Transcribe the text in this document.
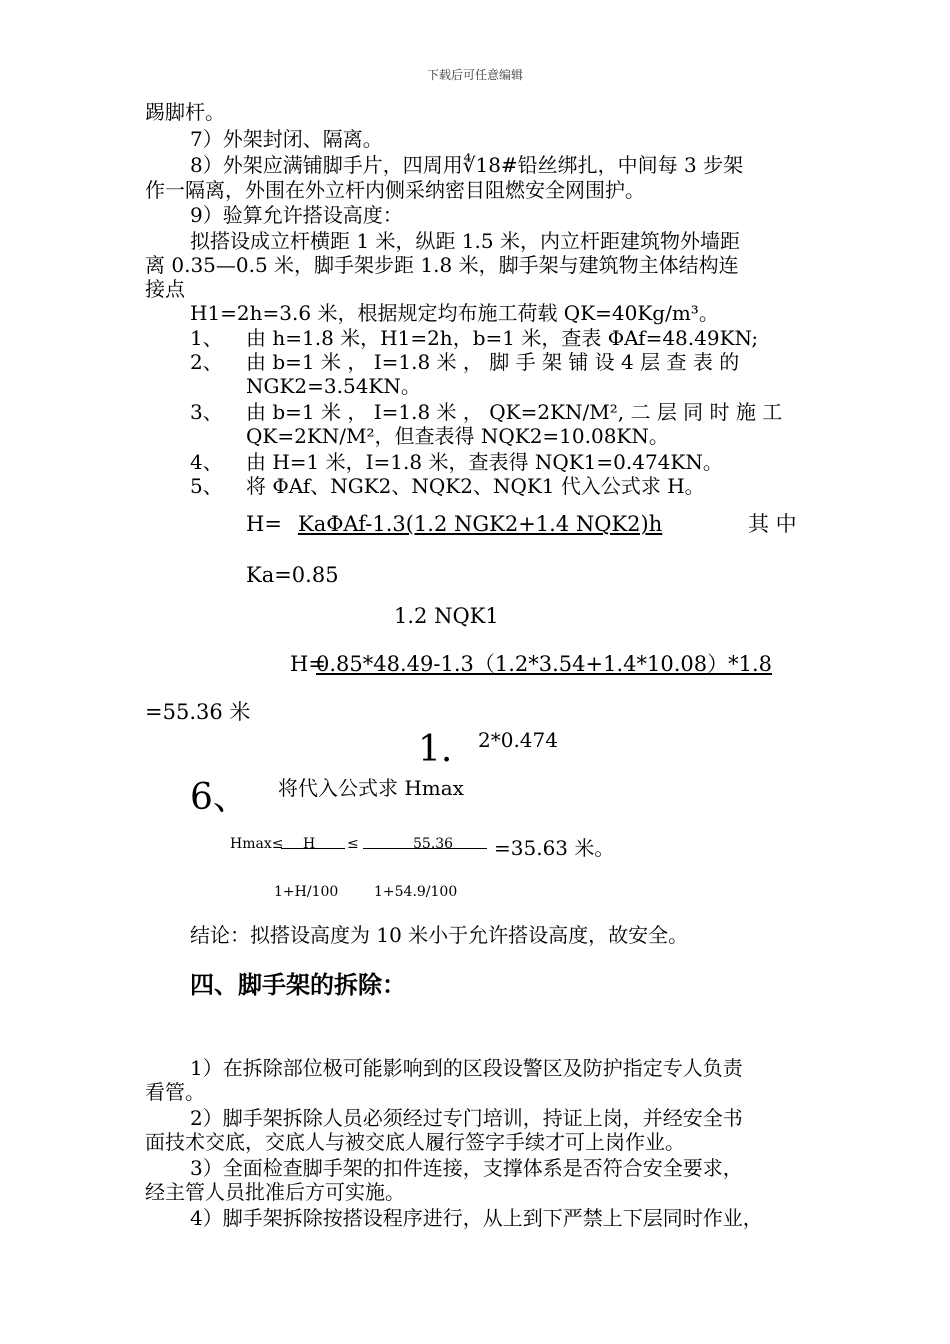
下载后可任意编辑
踢脚杆。
7）外架封闭、隔离。
8）外架应满铺脚手片，四周用∜18#铅丝绑扎，中间每 3 步架
作一隔离，外围在外立杆内侧采纳密目阻燃安全网围护。
9）验算允许搭设高度：
拟搭设成立杆横距 1 米，纵距 1.5 米，内立杆距建筑物外墙距
离 0.35—0.5 米，脚手架步距 1.8 米，脚手架与建筑物主体结构连
接点
H1=2h=3.6 米，根据规定均布施工荷载 QK=40Kg/m³。
1、 由 h=1.8 米，H1=2h，b=1 米，查表 ΦAf=48.49KN;
2、 由 b=1 米 ， I=1.8 米 ， 脚 手 架 铺 设 4 层 查 表 的
NGK2=3.54KN。
3、 由 b=1 米 ， I=1.8 米 ， QK=2KN/M², 二 层 同 时 施 工
QK=2KN/M²，但查表得 NQK2=10.08KN。
4、 由 H=1 米，I=1.8 米，查表得 NQK1=0.474KN。
5、 将 ΦAf、NGK2、NQK2、NQK1 代入公式求 H。
H= KaΦAf-1.3(1.2 NGK2+1.4 NQK2)h	其 中
Ka=0.85
1.2 NQK1
H=
0.85*48.49-1.3（1.2*3.54+1.4*10.08）*1.8
=55.36 米
1. 2*0.474
6、 将代入公式求 Hmax
Hmax≤ H ≤	55.36 =35.63 米。
1+H/100	1+54.9/100
结论：拟搭设高度为 10 米小于允许搭设高度，故安全。
四、脚手架的拆除：
1）在拆除部位极可能影响到的区段设警区及防护指定专人负责
看管。
2）脚手架拆除人员必须经过专门培训，持证上岗，并经安全书
面技术交底，交底人与被交底人履行签字手续才可上岗作业。
3）全面检查脚手架的扣件连接，支撑体系是否符合安全要求，
经主管人员批准后方可实施。
4）脚手架拆除按搭设程序进行，从上到下严禁上下层同时作业，
